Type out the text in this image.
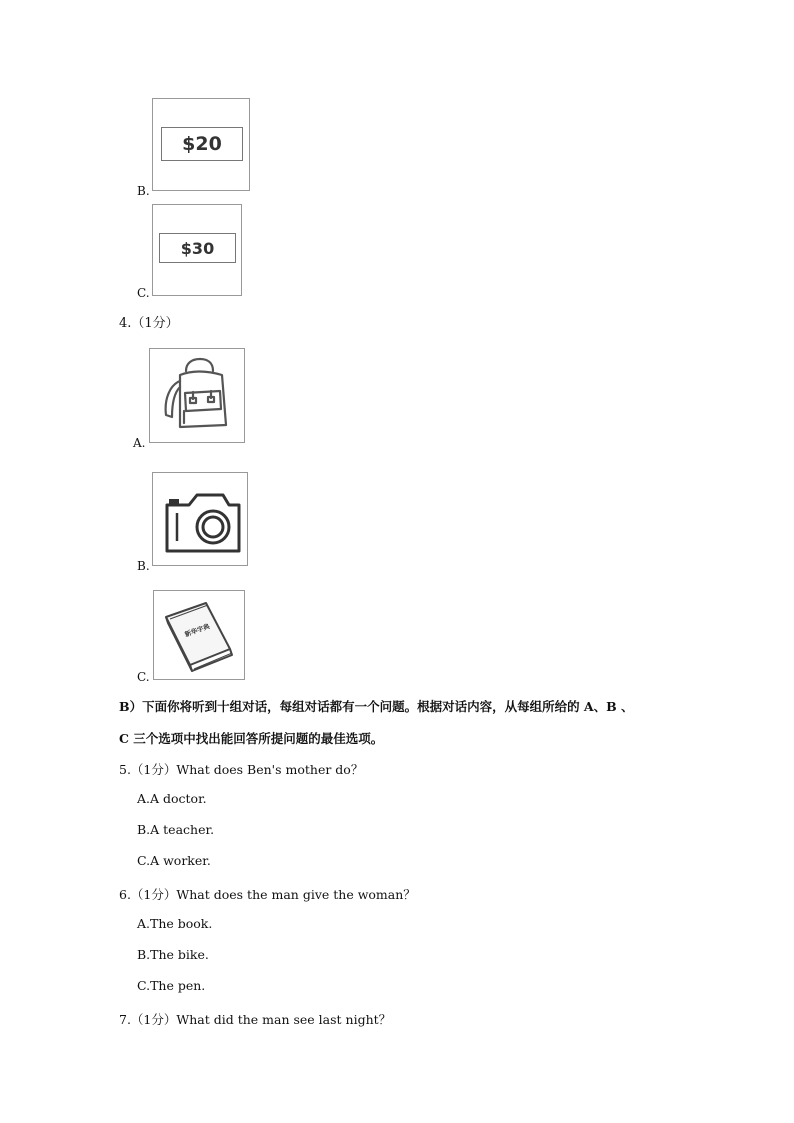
$20
B.
$30
C.
4.（1分）
A.
B.
新华字典
C.
B）下面你将听到十组对话，每组对话都有一个问题。根据对话内容，从每组所给的 A、B 、
C 三个选项中找出能回答所提问题的最佳选项。
5.（1分）What does Ben's mother do？
A.A doctor.
B.A teacher.
C.A worker.
6.（1分）What does the man give the woman？
A.The book.
B.The bike.
C.The pen.
7.（1分）What did the man see last night？
